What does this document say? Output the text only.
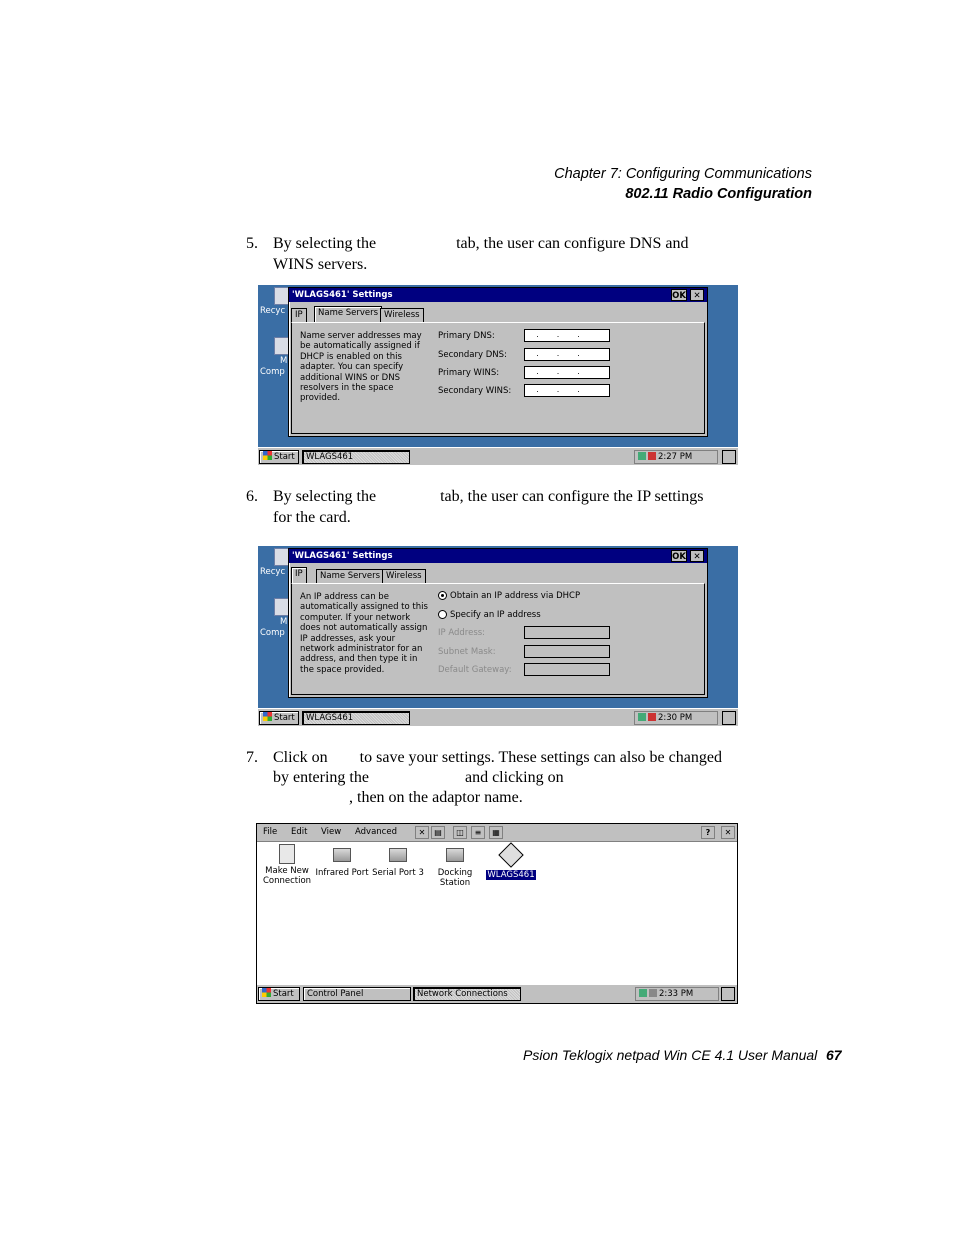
Chapter 7: Configuring Communications
802.11 Radio Configuration
5. By selecting the                    tab, the user can configure DNS and
WINS servers.
Recyc
M
Comp
'WLAGS461' Settings	OK ✕
IP	Name Servers Wireless
Name server addresses may be automatically assigned if DHCP is enabled on this adapter. You can specify additional WINS or DNS resolvers in the space provided.
Primary DNS:	...
Secondary DNS:	...
Primary WINS:	...
Secondary WINS:	...
Start	WLAGS461	2:27 PM
6. By selecting the                tab, the user can configure the IP settings
for the card.
Recyc
M
Comp
'WLAGS461' Settings	OK ✕
IP	Name Servers Wireless
An IP address can be automatically assigned to this computer. If your network does not automatically assign IP addresses, ask your network administrator for an address, and then type it in the space provided.
Obtain an IP address via DHCP
Specify an IP address
IP Address:
Subnet Mask:
Default Gateway:
Start	WLAGS461	2:30 PM
7. Click on        to save your settings. These settings can also be changed
by entering the                        and clicking on
, then on the adaptor name.
File Edit View Advanced	✕	▤	◫	≡	▦	?	✕
Make New Connection
Infrared Port Serial Port 3	Docking Station
WLAGS461
Start	Control Panel	Network Connections	2:33 PM
Psion Teklogix netpad Win CE 4.1 User Manual 67
